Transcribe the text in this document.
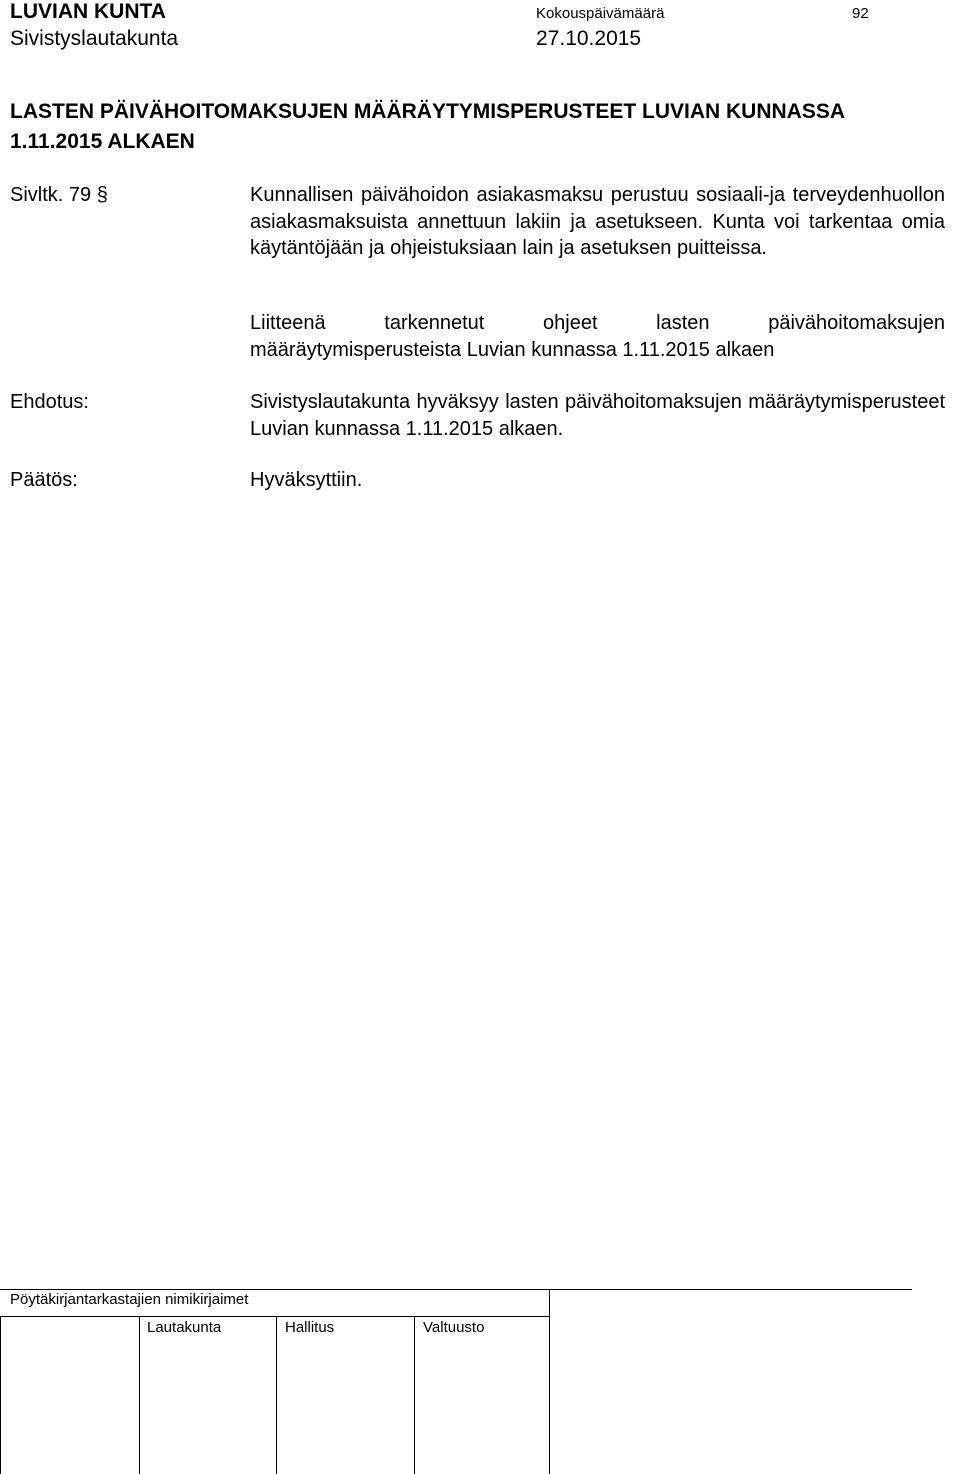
LUVIAN KUNTA
Sivistyslautakunta
Kokouspäivämäärä
27.10.2015
92
LASTEN PÄIVÄHOITOMAKSUJEN MÄÄRÄYTYMISPERUSTEET LUVIAN KUNNASSA 1.11.2015 ALKAEN
Sivltk. 79 §	Kunnallisen päivähoidon asiakasmaksu perustuu sosiaali-ja terveydenhuollon asiakasmaksuista annettuun lakiin ja asetukseen. Kunta voi tarkentaa omia käytäntöjään ja ohjeistuksiaan lain ja asetuksen puitteissa.
Liitteenä tarkennetut ohjeet lasten päivähoitomaksujen määräytymisperusteista Luvian kunnassa 1.11.2015 alkaen
Ehdotus:	Sivistyslautakunta hyväksyy lasten päivähoitomaksujen määräytymisperusteet Luvian kunnassa 1.11.2015 alkaen.
Päätös:	Hyväksyttiin.
Pöytäkirjantarkastajien nimikirjaimet
Lautakunta	Hallitus	Valtuusto
